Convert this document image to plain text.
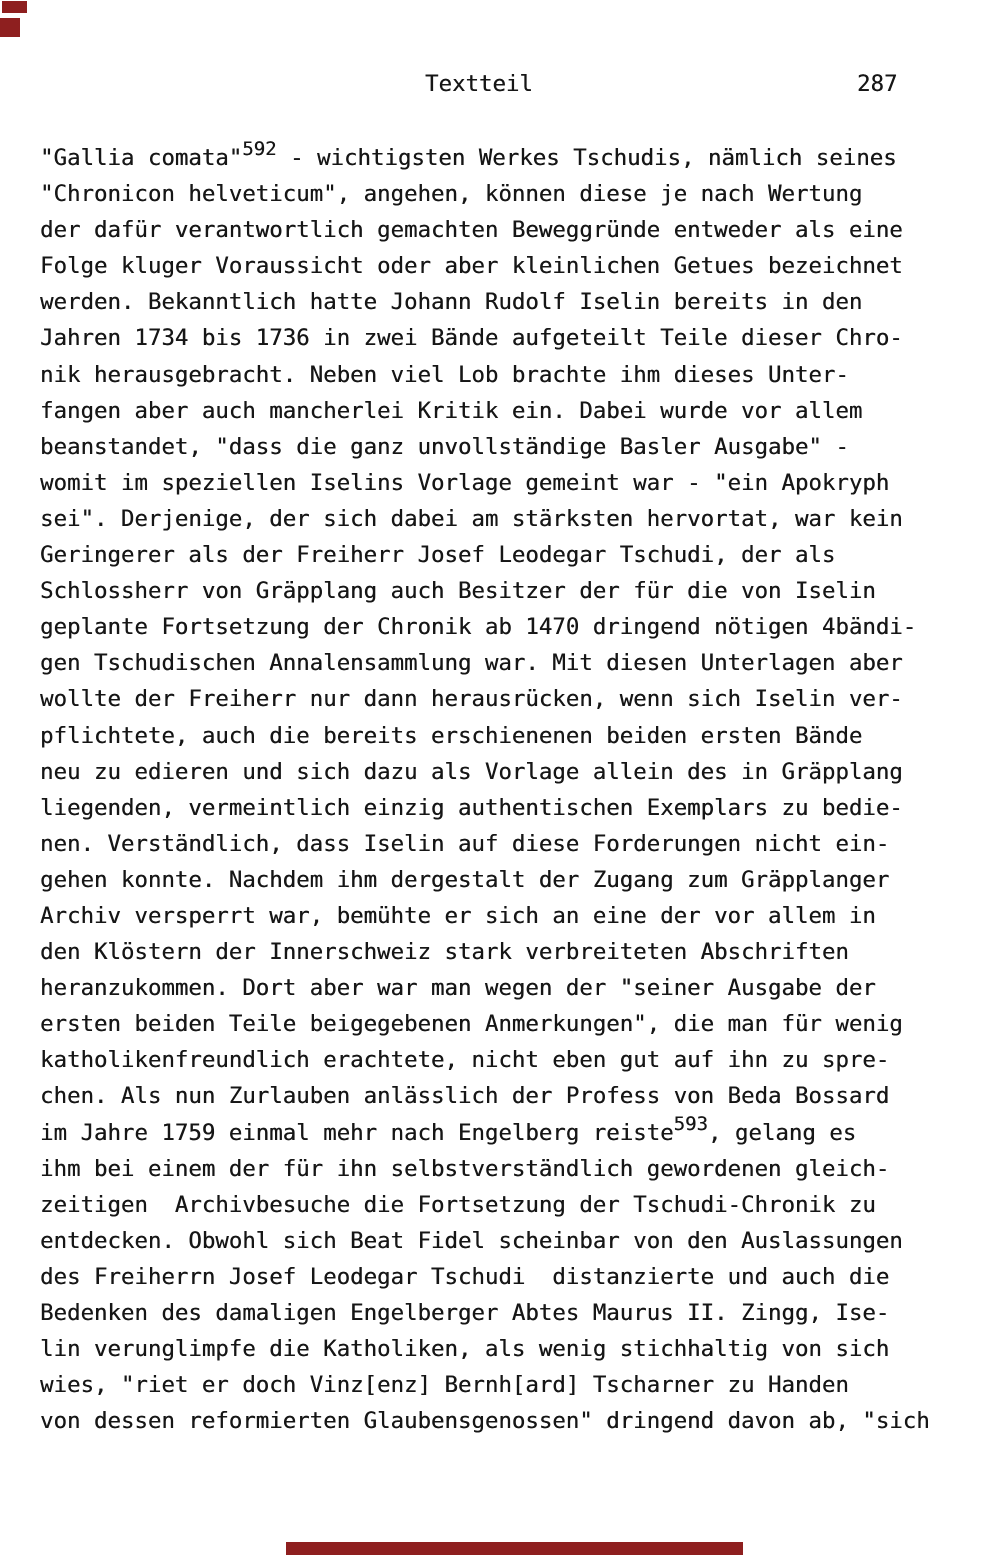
Textteil	287
"Gallia comata"$^{592}$ - wichtigsten Werkes Tschudis, nämlich seines
"Chronicon helveticum", angehen, können diese je nach Wertung
der dafür verantwortlich gemachten Beweggründe entweder als eine
Folge kluger Voraussicht oder aber kleinlichen Getues bezeichnet
werden. Bekanntlich hatte Johann Rudolf Iselin bereits in den
Jahren 1734 bis 1736 in zwei Bände aufgeteilt Teile dieser Chro-
nik herausgebracht. Neben viel Lob brachte ihm dieses Unter-
fangen aber auch mancherlei Kritik ein. Dabei wurde vor allem
beanstandet, "dass die ganz unvollständige Basler Ausgabe" -
womit im speziellen Iselins Vorlage gemeint war - "ein Apokryph
sei". Derjenige, der sich dabei am stärksten hervortat, war kein
Geringerer als der Freiherr Josef Leodegar Tschudi, der als
Schlossherr von Gräpplang auch Besitzer der für die von Iselin
geplante Fortsetzung der Chronik ab 1470 dringend nötigen 4bändi-
gen Tschudischen Annalensammlung war. Mit diesen Unterlagen aber
wollte der Freiherr nur dann herausrücken, wenn sich Iselin ver-
pflichtete, auch die bereits erschienenen beiden ersten Bände
neu zu edieren und sich dazu als Vorlage allein des in Gräpplang
liegenden, vermeintlich einzig authentischen Exemplars zu bedie-
nen. Verständlich, dass Iselin auf diese Forderungen nicht ein-
gehen konnte. Nachdem ihm dergestalt der Zugang zum Gräpplanger
Archiv versperrt war, bemühte er sich an eine der vor allem in
den Klöstern der Innerschweiz stark verbreiteten Abschriften
heranzukommen. Dort aber war man wegen der "seiner Ausgabe der
ersten beiden Teile beigegebenen Anmerkungen", die man für wenig
katholikenfreundlich erachtete, nicht eben gut auf ihn zu spre-
chen. Als nun Zurlauben anlässlich der Profess von Beda Bossard
im Jahre 1759 einmal mehr nach Engelberg reiste$^{593}$, gelang es
ihm bei einem der für ihn selbstverständlich gewordenen gleich-
zeitigen  Archivbesuche die Fortsetzung der Tschudi-Chronik zu
entdecken. Obwohl sich Beat Fidel scheinbar von den Auslassungen
des Freiherrn Josef Leodegar Tschudi  distanzierte und auch die
Bedenken des damaligen Engelberger Abtes Maurus II. Zingg, Ise-
lin verunglimpfe die Katholiken, als wenig stichhaltig von sich
wies, "riet er doch Vinz[enz] Bernh[ard] Tscharner zu Handen
von dessen reformierten Glaubensgenossen" dringend davon ab, "sich
